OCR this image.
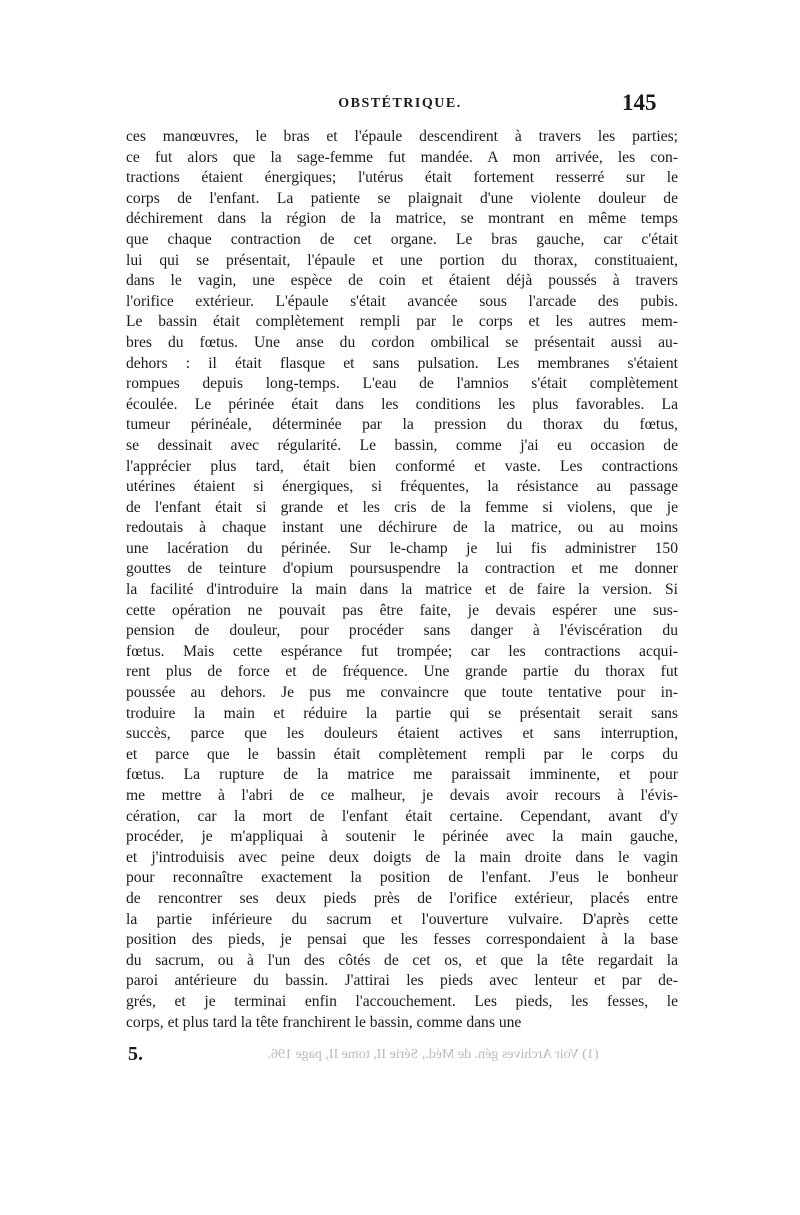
OBSTÉTRIQUE.	145
ces manœuvres, le bras et l'épaule descendirent à travers les parties;
ce fut alors que la sage-femme fut mandée. A mon arrivée, les con-
tractions étaient énergiques; l'utérus était fortement resserré sur le
corps de l'enfant. La patiente se plaignait d'une violente douleur de
déchirement dans la région de la matrice, se montrant en même temps
que chaque contraction de cet organe. Le bras gauche, car c'était
lui qui se présentait, l'épaule et une portion du thorax, constituaient,
dans le vagin, une espèce de coin et étaient déjà poussés à travers
l'orifice extérieur. L'épaule s'était avancée sous l'arcade des pubis.
Le bassin était complètement rempli par le corps et les autres mem-
bres du fœtus. Une anse du cordon ombilical se présentait aussi au-
dehors : il était flasque et sans pulsation. Les membranes s'étaient
rompues depuis long-temps. L'eau de l'amnios s'était complètement
écoulée. Le périnée était dans les conditions les plus favorables. La
tumeur périnéale, déterminée par la pression du thorax du fœtus,
se dessinait avec régularité. Le bassin, comme j'ai eu occasion de
l'apprécier plus tard, était bien conformé et vaste. Les contractions
utérines étaient si énergiques, si fréquentes, la résistance au passage
de l'enfant était si grande et les cris de la femme si violens, que je
redoutais à chaque instant une déchirure de la matrice, ou au moins
une lacération du périnée. Sur le-champ je lui fis administrer 150
gouttes de teinture d'opium poursuspendre la contraction et me donner
la facilité d'introduire la main dans la matrice et de faire la version. Si
cette opération ne pouvait pas être faite, je devais espérer une sus-
pension de douleur, pour procéder sans danger à l'éviscération du
fœtus. Mais cette espérance fut trompée; car les contractions acqui-
rent plus de force et de fréquence. Une grande partie du thorax fut
poussée au dehors. Je pus me convaincre que toute tentative pour in-
troduire la main et réduire la partie qui se présentait serait sans
succès, parce que les douleurs étaient actives et sans interruption,
et parce que le bassin était complètement rempli par le corps du
fœtus. La rupture de la matrice me paraissait imminente, et pour
me mettre à l'abri de ce malheur, je devais avoir recours à l'évis-
cération, car la mort de l'enfant était certaine. Cependant, avant d'y
procéder, je m'appliquai à soutenir le périnée avec la main gauche,
et j'introduisis avec peine deux doigts de la main droite dans le vagin
pour reconnaître exactement la position de l'enfant. J'eus le bonheur
de rencontrer ses deux pieds près de l'orifice extérieur, placés entre
la partie inférieure du sacrum et l'ouverture vulvaire. D'après cette
position des pieds, je pensai que les fesses correspondaient à la base
du sacrum, ou à l'un des côtés de cet os, et que la tête regardait la
paroi antérieure du bassin. J'attirai les pieds avec lenteur et par de-
grés, et je terminai enfin l'accouchement. Les pieds, les fesses, le
corps, et plus tard la tête franchirent le bassin, comme dans une
5.	(1) Voir Archives gén. de Méd., Série II, tome II, page 196.
